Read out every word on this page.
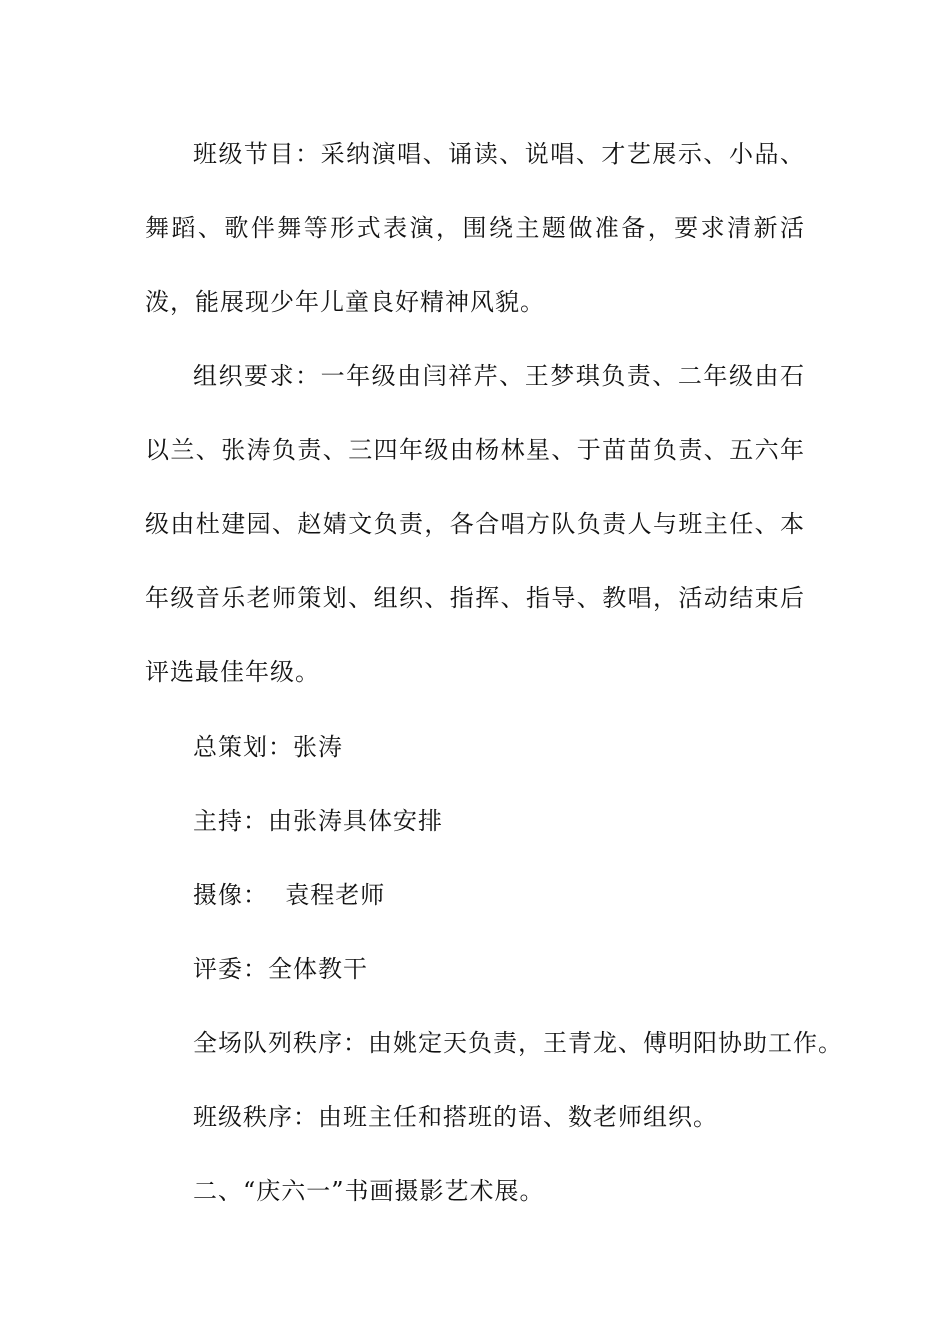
班级节目：采纳演唱、诵读、说唱、才艺展示、小品、舞蹈、歌伴舞等形式表演，围绕主题做准备，要求清新活泼，能展现少年儿童良好精神风貌。

组织要求：一年级由闫祥芹、王梦琪负责、二年级由石以兰、张涛负责、三四年级由杨林星、于苗苗负责、五六年级由杜建园、赵婧文负责，各合唱方队负责人与班主任、本年级音乐老师策划、组织、指挥、指导、教唱，活动结束后评选最佳年级。

总策划：张涛

主持：由张涛具体安排

摄像：  袁程老师

评委：全体教干

全场队列秩序：由姚定天负责，王青龙、傅明阳协助工作。

班级秩序：由班主任和搭班的语、数老师组织。

二、“庆六一”书画摄影艺术展。
